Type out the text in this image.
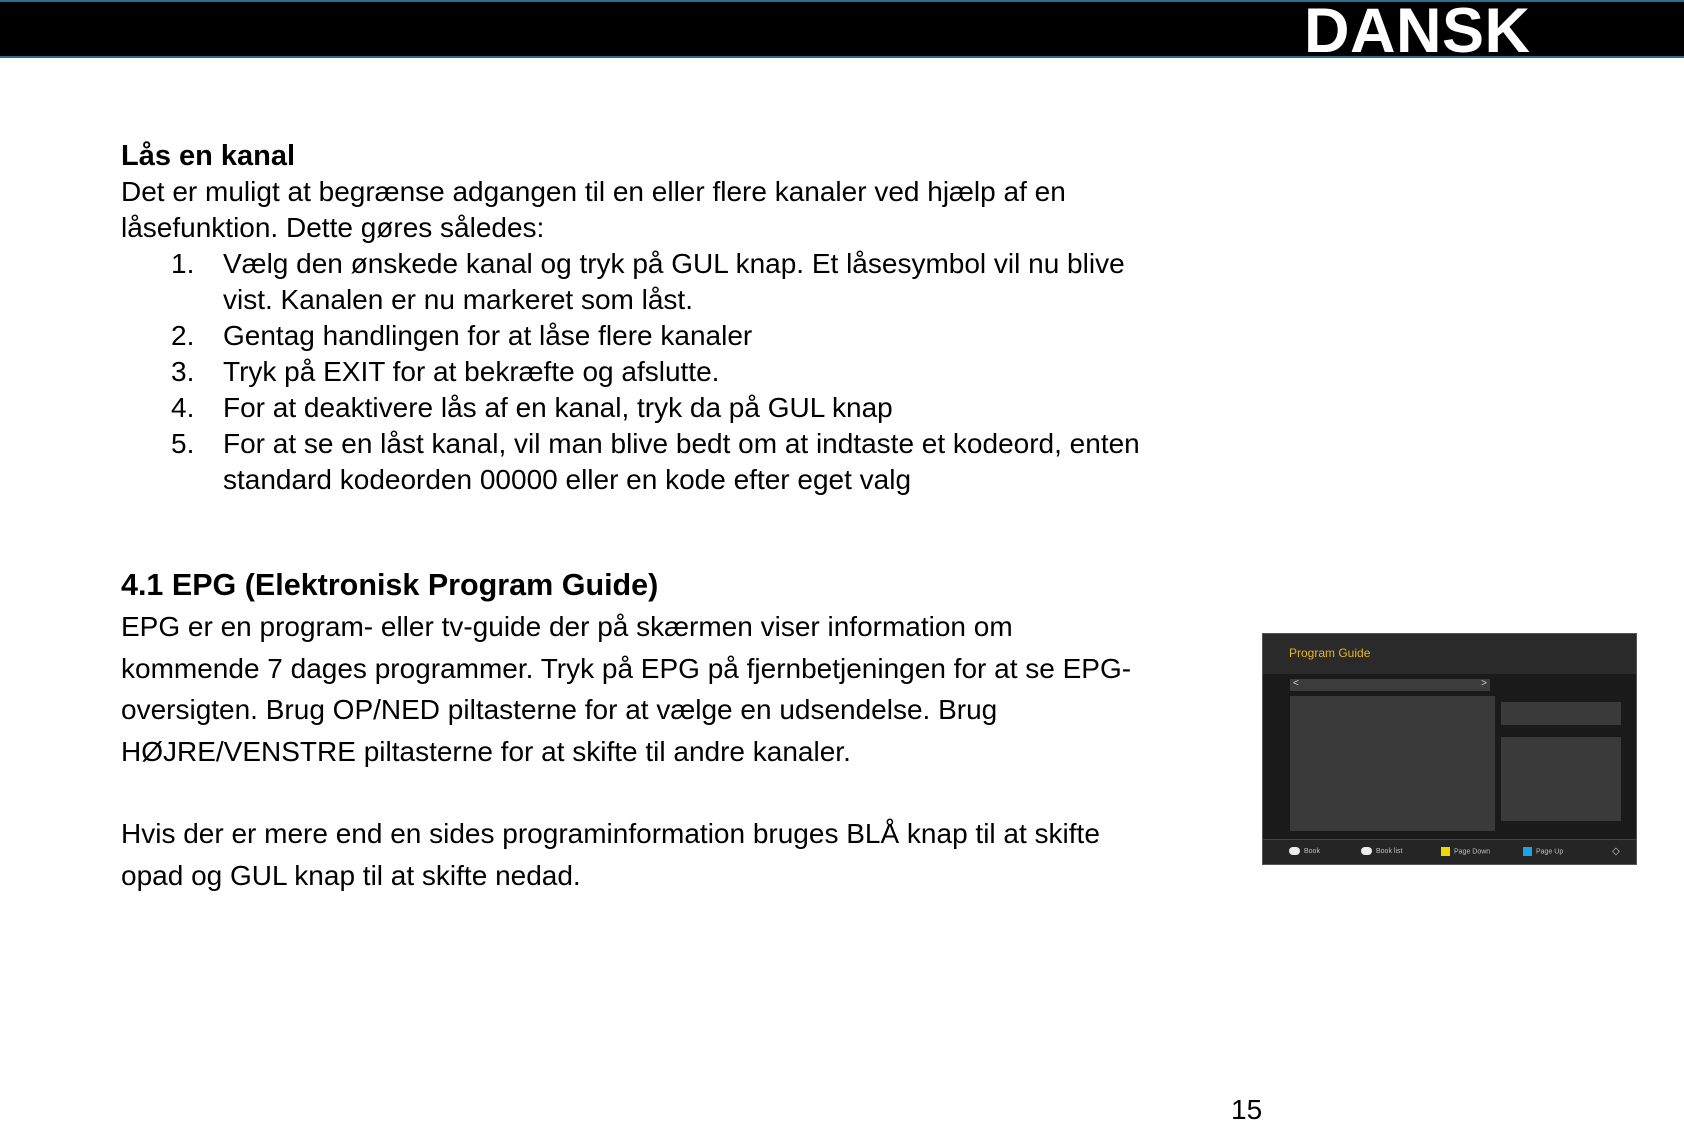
DANSK

Lås en kanal

Det er muligt at begrænse adgangen til en eller flere kanaler ved hjælp af en

låsefunktion. Dette gøres således:

1. Vælg den ønskede kanal og tryk på GUL knap. Et låsesymbol vil nu blive
vist. Kanalen er nu markeret som låst.
2. Gentag handlingen for at låse flere kanaler
3. Tryk på EXIT for at bekræfte og afslutte.
4. For at deaktivere lås af en kanal, tryk da på GUL knap
5. For at se en låst kanal, vil man blive bedt om at indtaste et kodeord, enten
standard kodeorden 00000 eller en kode efter eget valg

4.1 EPG (Elektronisk Program Guide)

EPG er en program- eller tv-guide der på skærmen viser information om
kommende 7 dages programmer. Tryk på EPG på fjernbetjeningen for at se EPG-
oversigten. Brug OP/NED piltasterne for at vælge en udsendelse. Brug
HØJRE/VENSTRE piltasterne for at skifte til andre kanaler.
Hvis der er mere end en sides programinformation bruges BLÅ knap til at skifte
opad og GUL knap til at skifte nedad.
Program Guide
<	>
Book	Book list	Page Down	Page Up	◇
15
